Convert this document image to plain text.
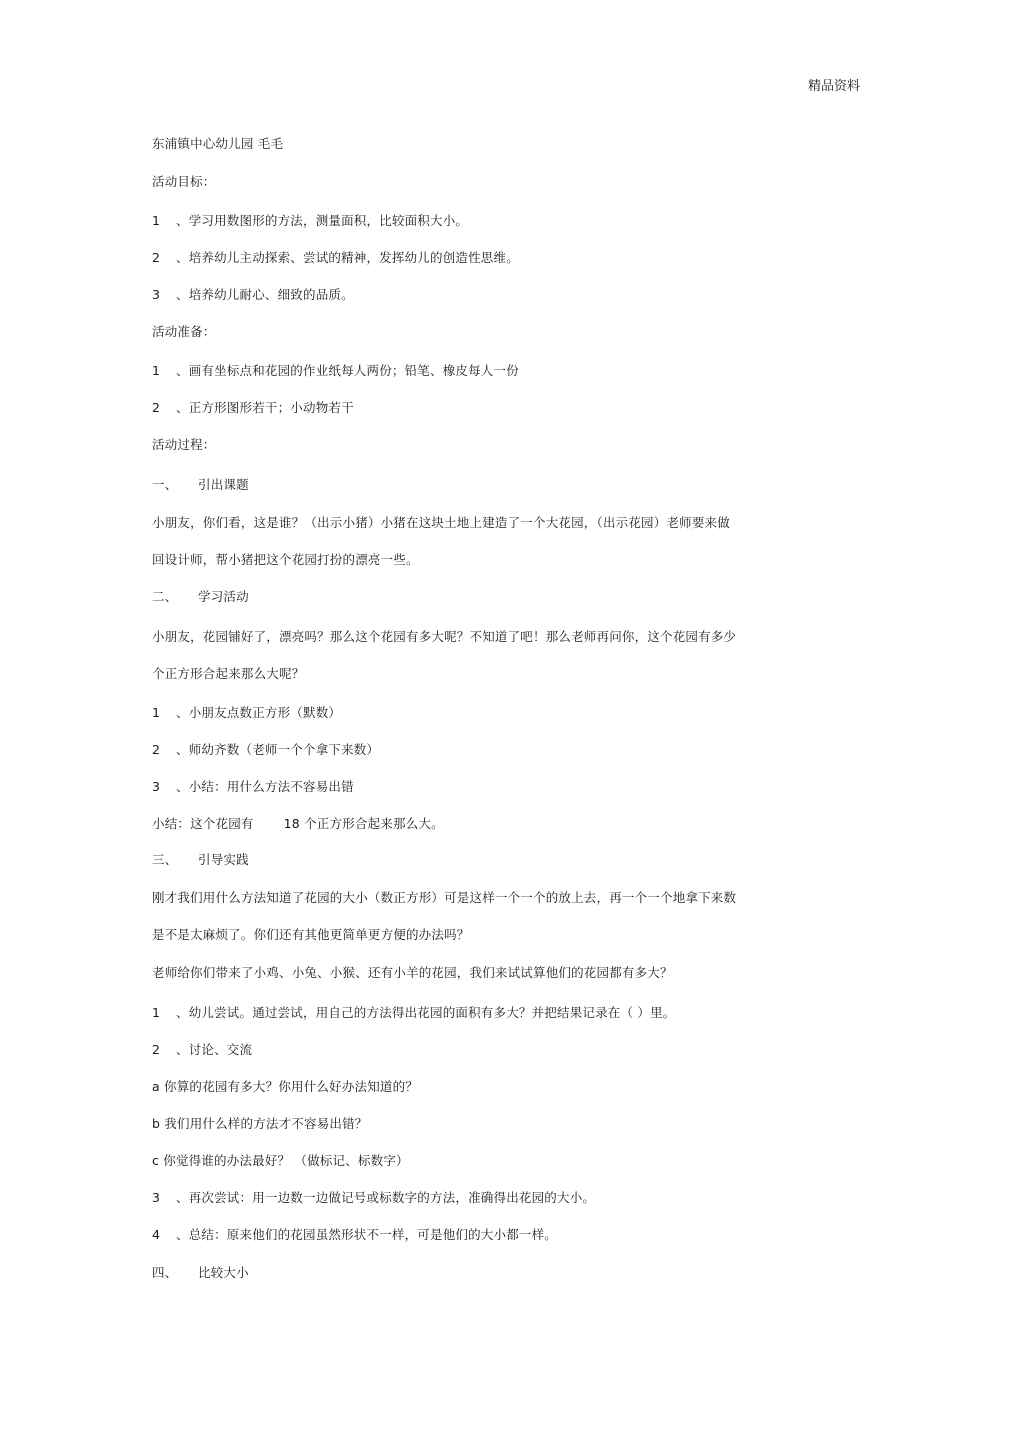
精品资料
东浦镇中心幼儿园 毛毛
活动目标：
1 、学习用数图形的方法，测量面积，比较面积大小。
2 、培养幼儿主动探索、尝试的精神，发挥幼儿的创造性思维。
3 、培养幼儿耐心、细致的品质。
活动准备：
1 、画有坐标点和花园的作业纸每人两份；铅笔、橡皮每人一份
2 、正方形图形若干；小动物若干
活动过程：
一、 引出课题
小朋友，你们看，这是谁？（出示小猪）小猪在这块土地上建造了一个大花园，（出示花园）老师要来做
回设计师，帮小猪把这个花园打扮的漂亮一些。
二、 学习活动
小朋友，花园铺好了，漂亮吗？那么这个花园有多大呢？不知道了吧！那么老师再问你，这个花园有多少
个正方形合起来那么大呢？
1 、小朋友点数正方形（默数）
2 、师幼齐数（老师一个个拿下来数）
3 、小结：用什么方法不容易出错
小结：这个花园有 18 个正方形合起来那么大。
三、 引导实践
刚才我们用什么方法知道了花园的大小（数正方形）可是这样一个一个的放上去，再一个一个地拿下来数
是不是太麻烦了。你们还有其他更简单更方便的办法吗？
老师给你们带来了小鸡、小兔、小猴、还有小羊的花园，我们来试试算他们的花园都有多大？
1 、幼儿尝试。通过尝试，用自己的方法得出花园的面积有多大？并把结果记录在（ ）里。
2 、讨论、交流
a 你算的花园有多大？你用什么好办法知道的？
b 我们用什么样的方法才不容易出错？
c 你觉得谁的办法最好？ （做标记、标数字）
3 、再次尝试：用一边数一边做记号或标数字的方法，准确得出花园的大小。
4 、总结：原来他们的花园虽然形状不一样，可是他们的大小都一样。
四、 比较大小
